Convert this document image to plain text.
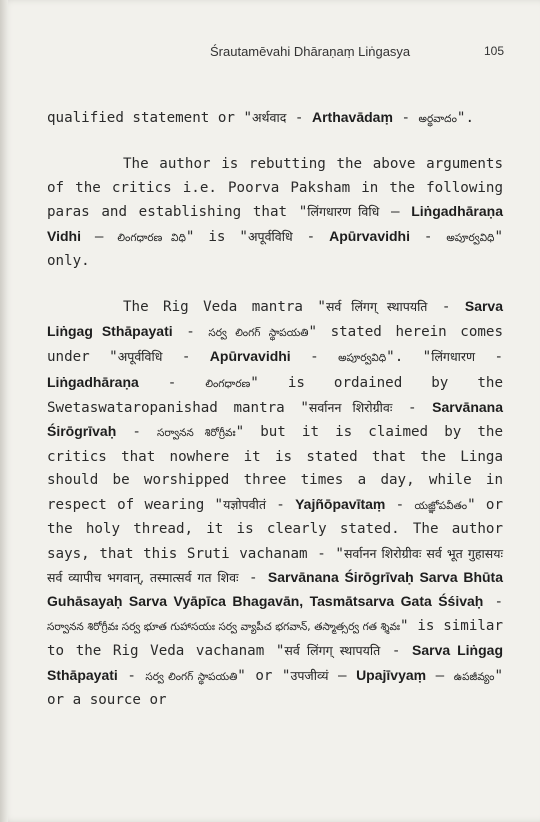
Śrautamēvahi Dhāraṇaṃ Liṅgasya	105

qualified statement or "अर्थवाद - Arthavādaṃ - అర్థవాదం".

The author is rebutting the above arguments of the critics i.e. Poorva Paksham in the following paras and establishing that "लिंगधारण विधि – Liṅgadhāraṇa Vidhi – లింగధారణ విధి" is "अपूर्वविधि - Apūrvavidhi - అపూర్వవిధి" only.

The Rig Veda mantra "सर्व लिंगग् स्थापयति - Sarva Liṅgag Sthāpayati - సర్వ లింగగ్ స్థాపయతి" stated herein comes under "अपूर्वविधि - Apūrvavidhi - అపూర్వవిధి". "लिंगधारण - Liṅgadhāraṇa - లింగధారణ" is ordained by the Swetaswataropanishad mantra "सर्वानन शिरोग्रीवः - Sarvānana Śirōgrīvaḥ - సర్వానన శిరోగ్రీవః" but it is claimed by the critics that nowhere it is stated that the Linga should be worshipped three times a day, while in respect of wearing "यज्ञोपवीतं - Yajñōpavītaṃ - యజ్ఞోపవీతం" or the holy thread, it is clearly stated. The author says, that this Sruti vachanam - "सर्वानन शिरोग्रीवः सर्व भूत गुहासयः सर्व व्यापीच भगवान्, तस्मात्सर्व गत शिवः - Sarvānana Śirōgrīvaḥ Sarva Bhūta Guhāsayaḥ Sarva Vyāpīca Bhagavān, Tasmātsarva Gata Śśivaḥ - సర్వానన శిరోగ్రీవః సర్వ భూత గుహాసయః సర్వ వ్యాపీచ భగవాన్, తస్మాత్సర్వ గత శ్శివః" is similar to the Rig Veda vachanam "सर्व लिंगग् स्थापयति - Sarva Liṅgag Sthāpayati - సర్వ లింగగ్ స్థాపయతి" or "उपजीव्यं – Upajīvyaṃ – ఉపజీవ్యం" or a source or
